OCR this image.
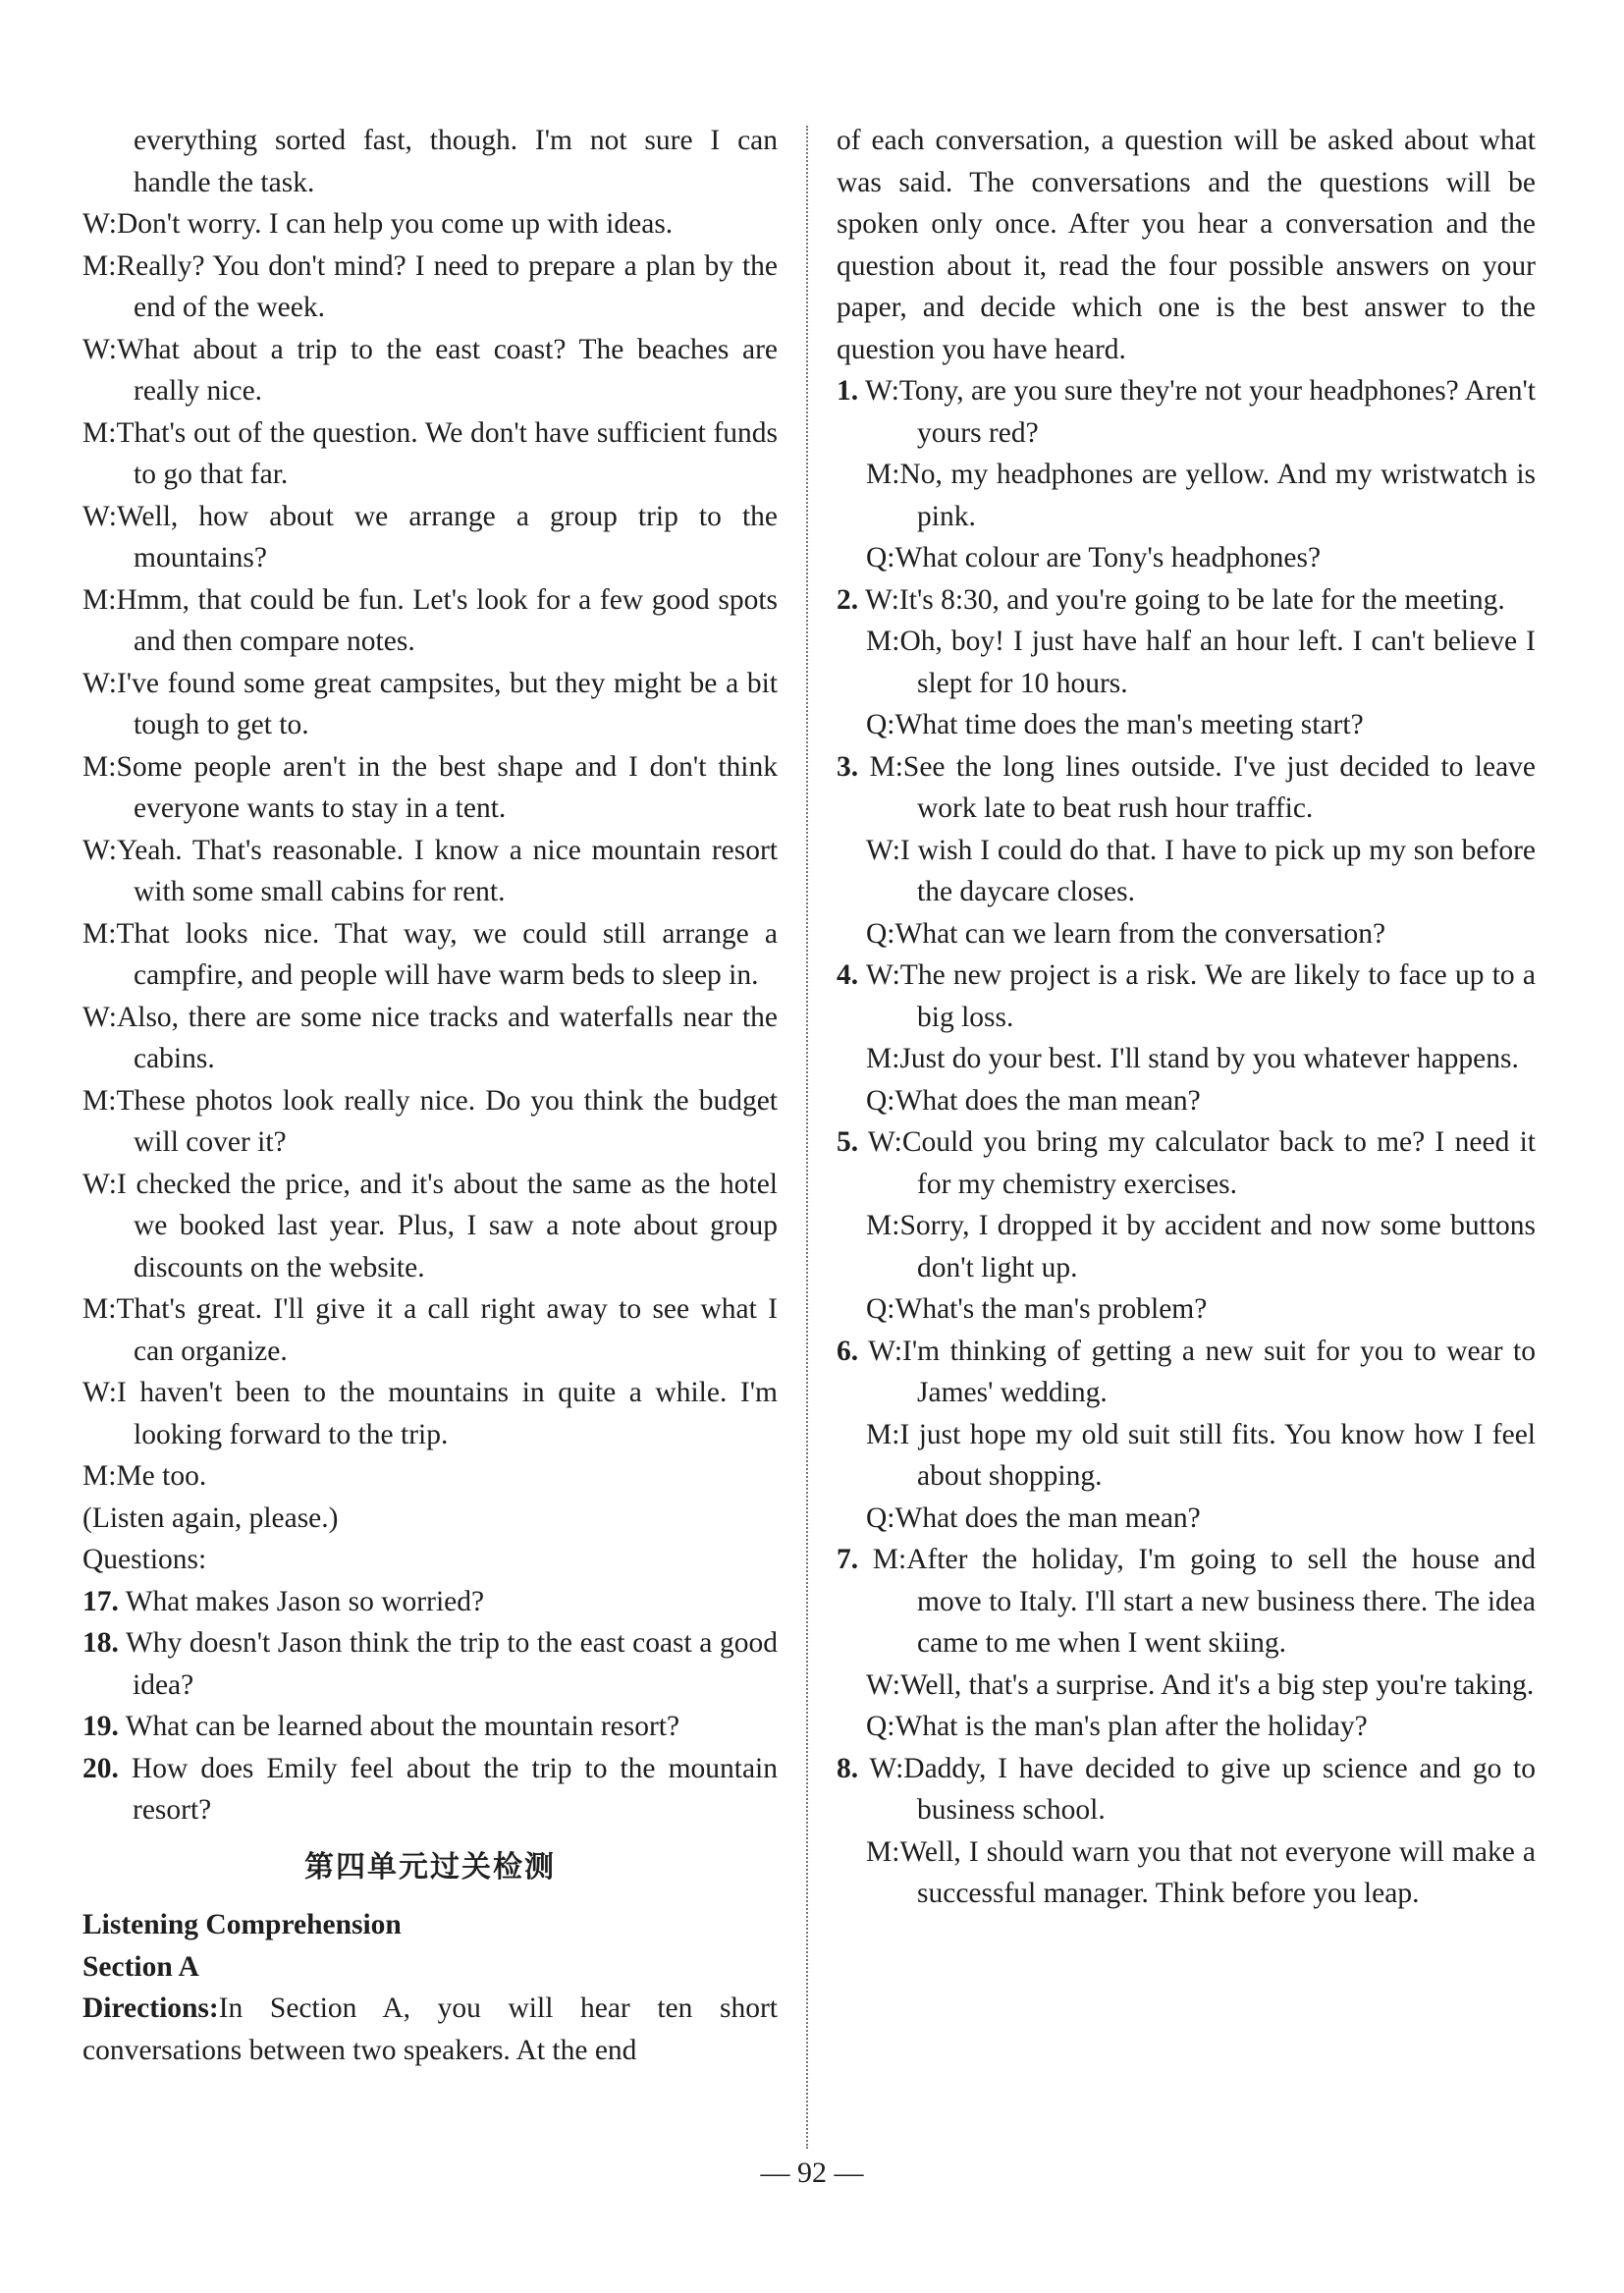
everything sorted fast, though. I'm not sure I can handle the task.
W:Don't worry. I can help you come up with ideas.
M:Really? You don't mind? I need to prepare a plan by the end of the week.
W:What about a trip to the east coast? The beaches are really nice.
M:That's out of the question. We don't have sufficient funds to go that far.
W:Well, how about we arrange a group trip to the mountains?
M:Hmm, that could be fun. Let's look for a few good spots and then compare notes.
W:I've found some great campsites, but they might be a bit tough to get to.
M:Some people aren't in the best shape and I don't think everyone wants to stay in a tent.
W:Yeah. That's reasonable. I know a nice mountain resort with some small cabins for rent.
M:That looks nice. That way, we could still arrange a campfire, and people will have warm beds to sleep in.
W:Also, there are some nice tracks and waterfalls near the cabins.
M:These photos look really nice. Do you think the budget will cover it?
W:I checked the price, and it's about the same as the hotel we booked last year. Plus, I saw a note about group discounts on the website.
M:That's great. I'll give it a call right away to see what I can organize.
W:I haven't been to the mountains in quite a while. I'm looking forward to the trip.
M:Me too.
(Listen again, please.)
Questions:
17. What makes Jason so worried?
18. Why doesn't Jason think the trip to the east coast a good idea?
19. What can be learned about the mountain resort?
20. How does Emily feel about the trip to the mountain resort?
第四单元过关检测
Listening Comprehension
Section A
Directions:In Section A, you will hear ten short conversations between two speakers. At the end
of each conversation, a question will be asked about what was said. The conversations and the questions will be spoken only once. After you hear a conversation and the question about it, read the four possible answers on your paper, and decide which one is the best answer to the question you have heard.
1. W:Tony, are you sure they're not your headphones? Aren't yours red?
M:No, my headphones are yellow. And my wristwatch is pink.
Q:What colour are Tony's headphones?
2. W:It's 8:30, and you're going to be late for the meeting.
M:Oh, boy! I just have half an hour left. I can't believe I slept for 10 hours.
Q:What time does the man's meeting start?
3. M:See the long lines outside. I've just decided to leave work late to beat rush hour traffic.
W:I wish I could do that. I have to pick up my son before the daycare closes.
Q:What can we learn from the conversation?
4. W:The new project is a risk. We are likely to face up to a big loss.
M:Just do your best. I'll stand by you whatever happens.
Q:What does the man mean?
5. W:Could you bring my calculator back to me? I need it for my chemistry exercises.
M:Sorry, I dropped it by accident and now some buttons don't light up.
Q:What's the man's problem?
6. W:I'm thinking of getting a new suit for you to wear to James' wedding.
M:I just hope my old suit still fits. You know how I feel about shopping.
Q:What does the man mean?
7. M:After the holiday, I'm going to sell the house and move to Italy. I'll start a new business there. The idea came to me when I went skiing.
W:Well, that's a surprise. And it's a big step you're taking.
Q:What is the man's plan after the holiday?
8. W:Daddy, I have decided to give up science and go to business school.
M:Well, I should warn you that not everyone will make a successful manager. Think before you leap.
— 92 —
